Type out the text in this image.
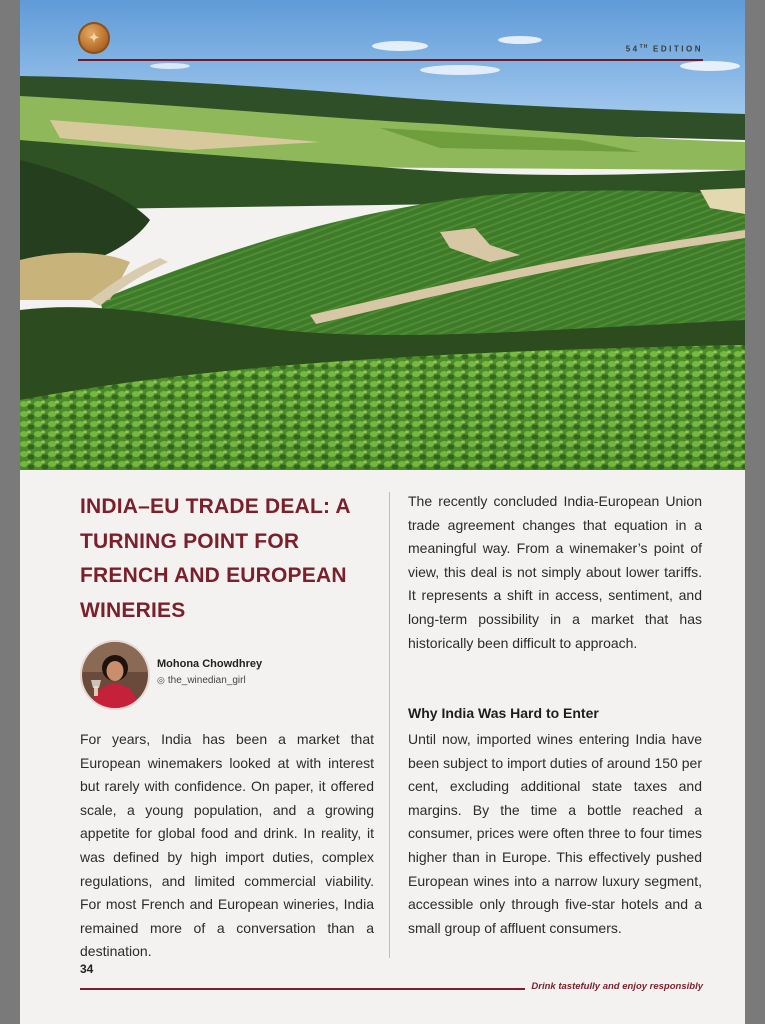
✦
54TH EDITION
INDIA–EU TRADE DEAL: A TURNING POINT FOR FRENCH AND EUROPEAN WINERIES
Mohona Chowdhrey
◎ the_winedian_girl

For years, India has been a market that European winemakers looked at with interest but rarely with confidence. On paper, it offered scale, a young population, and a growing appetite for global food and drink. In reality, it was defined by high import duties, complex regulations, and limited commercial viability. For most French and European wineries, India remained more of a conversation than a destination.

The recently concluded India-European Union trade agreement changes that equation in a meaningful way. From a winemaker’s point of view, this deal is not simply about lower tariffs. It represents a shift in access, sentiment, and long-term possibility in a market that has historically been difficult to approach.

Why India Was Hard to Enter

Until now, imported wines entering India have been subject to import duties of around 150 per cent, excluding additional state taxes and margins. By the time a bottle reached a consumer, prices were often three to four times higher than in Europe. This effectively pushed European wines into a narrow luxury segment, accessible only through five-star hotels and a small group of affluent consumers.

34
Drink tastefully and enjoy responsibly
